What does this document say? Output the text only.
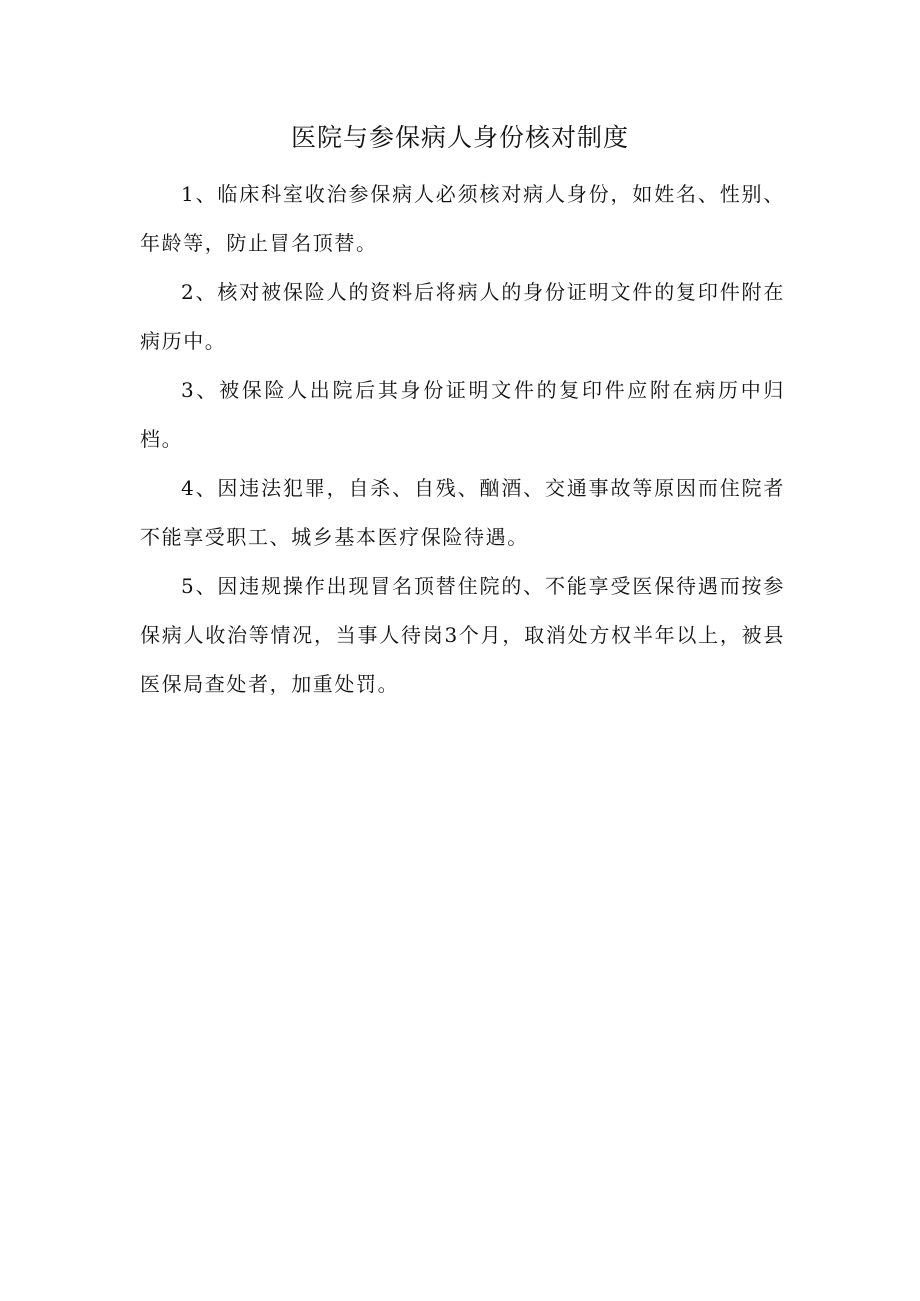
医院与参保病人身份核对制度

1、临床科室收治参保病人必须核对病人身份，如姓名、性别、年龄等，防止冒名顶替。

2、核对被保险人的资料后将病人的身份证明文件的复印件附在病历中。

3、被保险人出院后其身份证明文件的复印件应附在病历中归档。

4、因违法犯罪，自杀、自残、酗酒、交通事故等原因而住院者不能享受职工、城乡基本医疗保险待遇。

5、因违规操作出现冒名顶替住院的、不能享受医保待遇而按参保病人收治等情况，当事人待岗3个月，取消处方权半年以上，被县医保局查处者，加重处罚。
